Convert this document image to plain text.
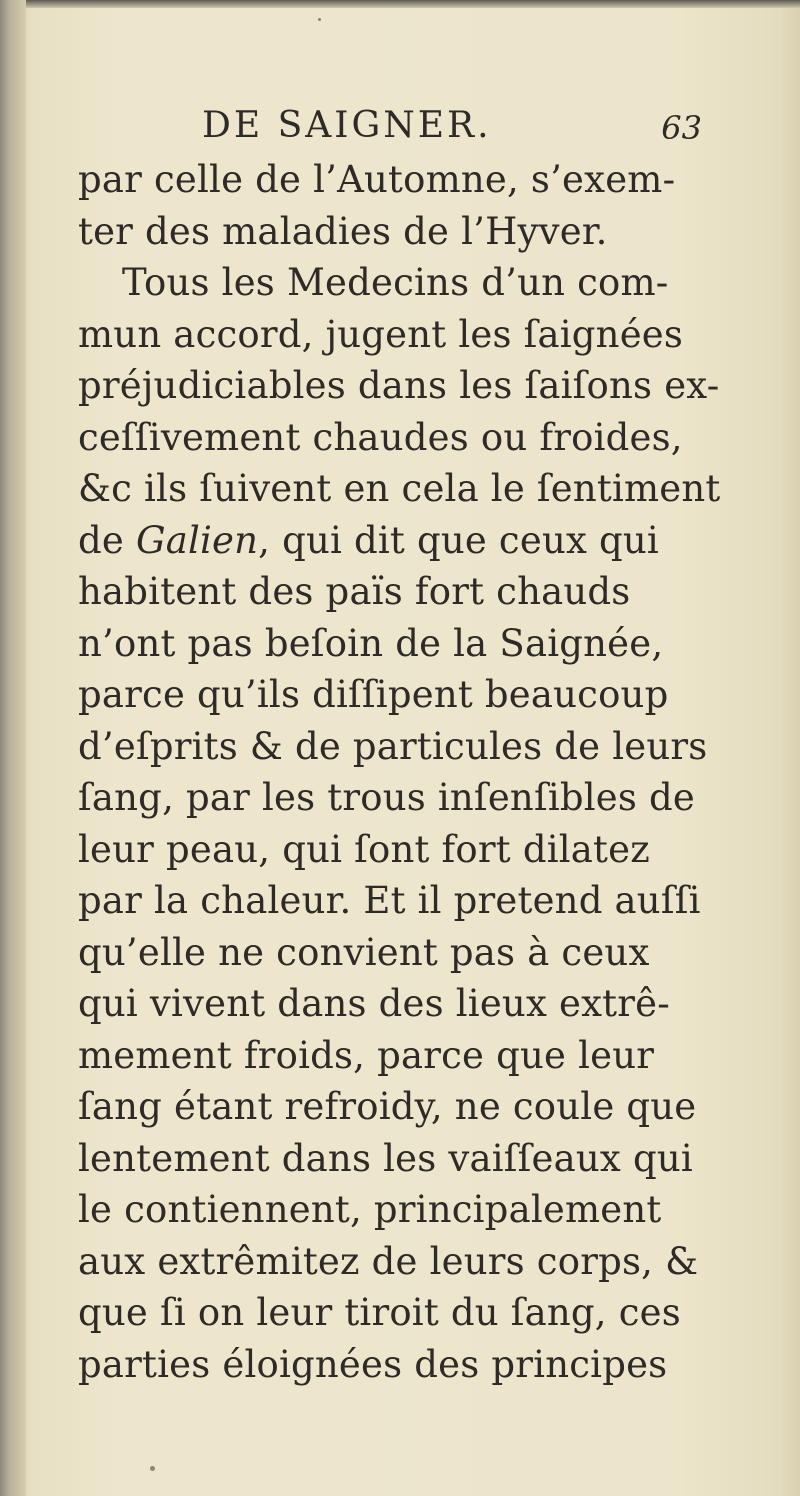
DE SAIGNER.	63
par celle de l’Automne, s’exem-
ter des maladies de l’Hyver.
Tous les Medecins d’un com-
mun accord, jugent les ſaignées
préjudiciables dans les ſaiſons ex-
ceſſivement chaudes ou froides,
&c ils ſuivent en cela le ſentiment
de Galien, qui dit que ceux qui
habitent des païs fort chauds
n’ont pas beſoin de la Saignée,
parce qu’ils diſſipent beaucoup
d’eſprits & de particules de leurs
ſang, par les trous inſenſibles de
leur peau, qui ſont fort dilatez
par la chaleur. Et il pretend auſſi
qu’elle ne convient pas à ceux
qui vivent dans des lieux extrê-
mement froids, parce que leur
ſang étant refroidy, ne coule que
lentement dans les vaiſſeaux qui
le contiennent, principalement
aux extrêmitez de leurs corps, &
que ſi on leur tiroit du ſang, ces
parties éloignées des principes
